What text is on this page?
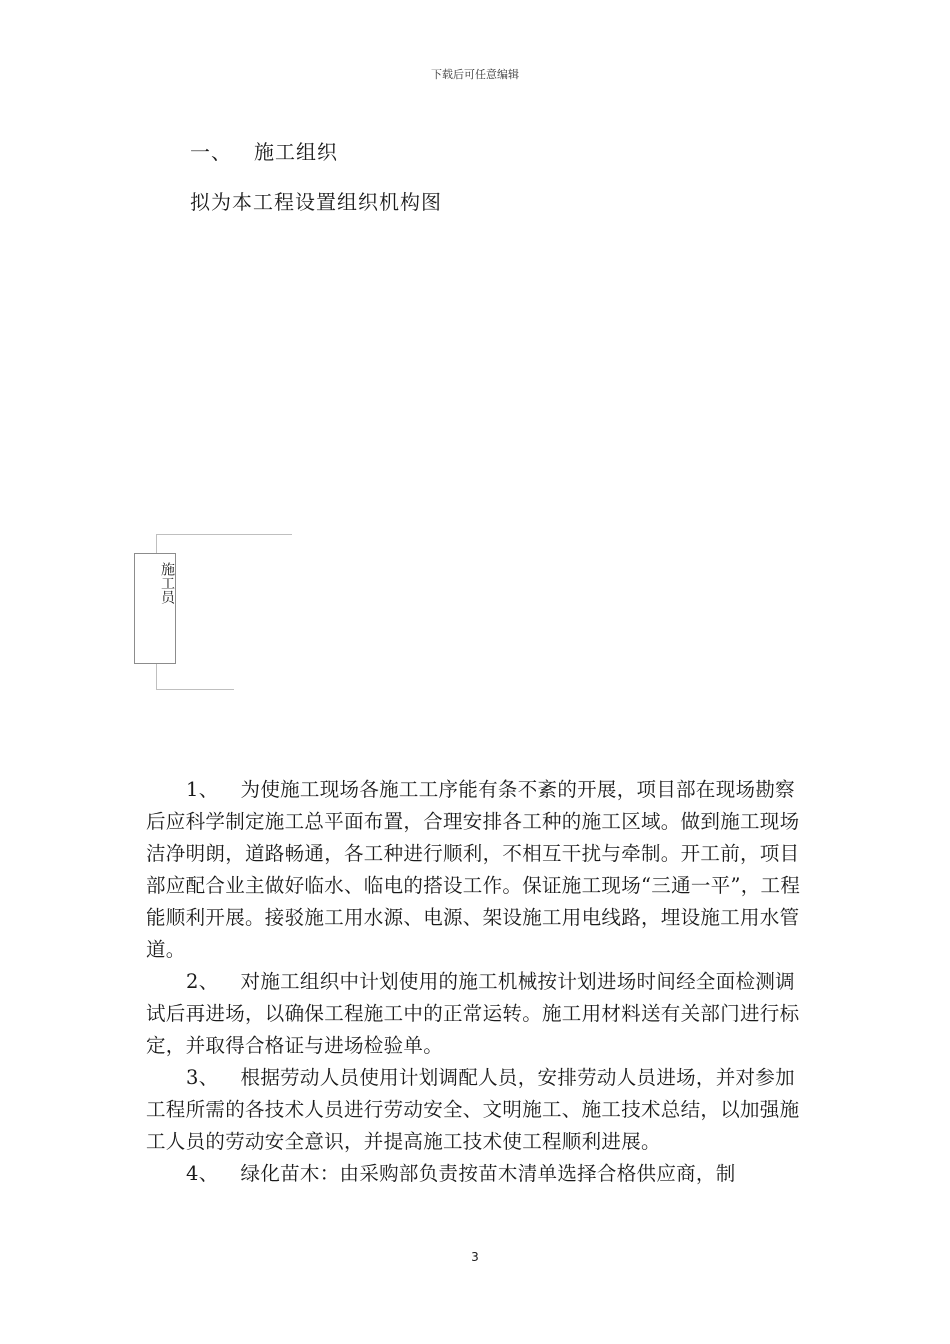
下载后可任意编辑
一、 施工组织
拟为本工程设置组织机构图
施工员

1、 为使施工现场各施工工序能有条不紊的开展，项目部在现场勘察后应科学制定施工总平面布置，合理安排各工种的施工区域。做到施工现场洁净明朗，道路畅通，各工种进行顺利，不相互干扰与牵制。开工前，项目部应配合业主做好临水、临电的搭设工作。保证施工现场“三通一平”，工程能顺利开展。接驳施工用水源、电源、架设施工用电线路，埋设施工用水管道。

2、 对施工组织中计划使用的施工机械按计划进场时间经全面检测调试后再进场，以确保工程施工中的正常运转。施工用材料送有关部门进行标定，并取得合格证与进场检验单。

3、 根据劳动人员使用计划调配人员，安排劳动人员进场，并对参加工程所需的各技术人员进行劳动安全、文明施工、施工技术总结，以加强施工人员的劳动安全意识，并提高施工技术使工程顺利进展。

4、 绿化苗木：由采购部负责按苗木清单选择合格供应商，制

3
